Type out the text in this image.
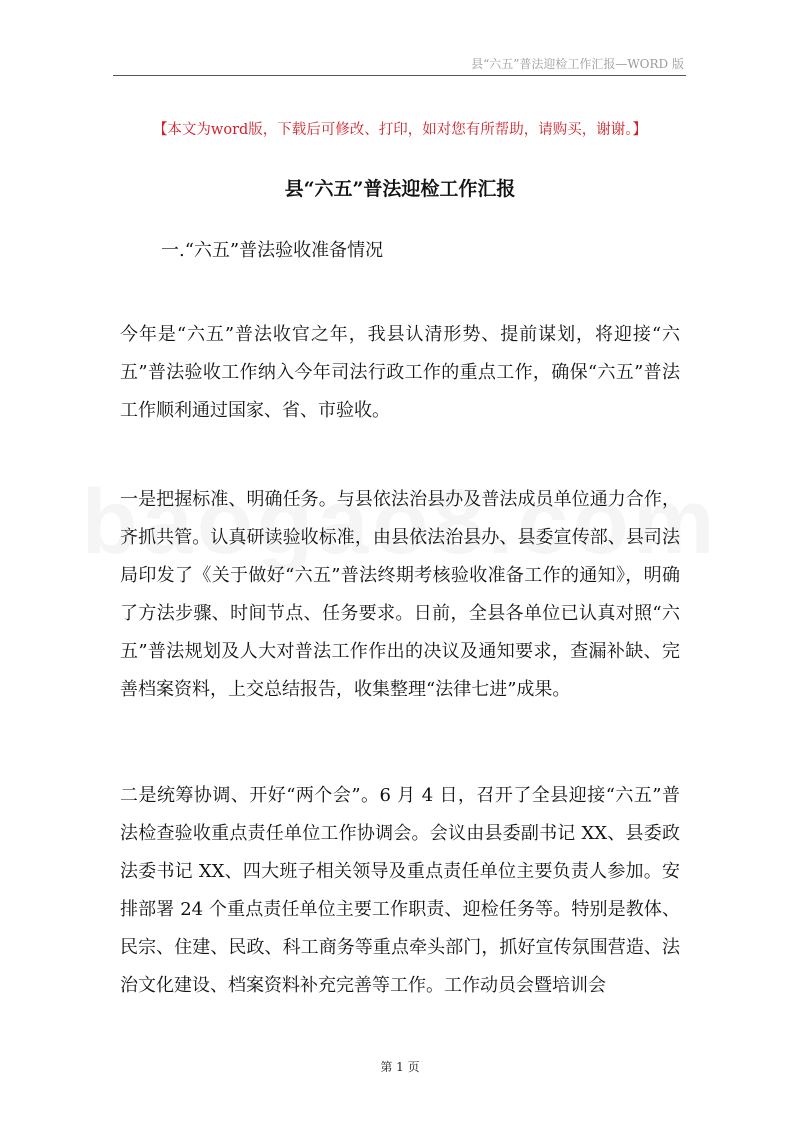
县“六五”普法迎检工作汇报—WORD 版
【本文为word版，下载后可修改、打印，如对您有所帮助，请购买，谢谢。】
县“六五”普法迎检工作汇报
一.“六五”普法验收准备情况

今年是“六五”普法收官之年，我县认清形势、提前谋划，将迎接“六五”普法验收工作纳入今年司法行政工作的重点工作，确保“六五”普法工作顺利通过国家、省、市验收。

一是把握标准、明确任务。与县依法治县办及普法成员单位通力合作，齐抓共管。认真研读验收标准，由县依法治县办、县委宣传部、县司法局印发了《关于做好“六五”普法终期考核验收准备工作的通知》，明确了方法步骤、时间节点、任务要求。日前，全县各单位已认真对照“六五”普法规划及人大对普法工作作出的决议及通知要求，查漏补缺、完善档案资料，上交总结报告，收集整理“法律七进”成果。

二是统筹协调、开好“两个会”。6 月 4 日，召开了全县迎接“六五”普法检查验收重点责任单位工作协调会。会议由县委副书记 XX、县委政法委书记 XX、四大班子相关领导及重点责任单位主要负责人参加。安排部署 24 个重点责任单位主要工作职责、迎检任务等。特别是教体、民宗、住建、民政、科工商务等重点牵头部门，抓好宣传氛围营造、法治文化建设、档案资料补充完善等工作。工作动员会暨培训会

第 1 页
